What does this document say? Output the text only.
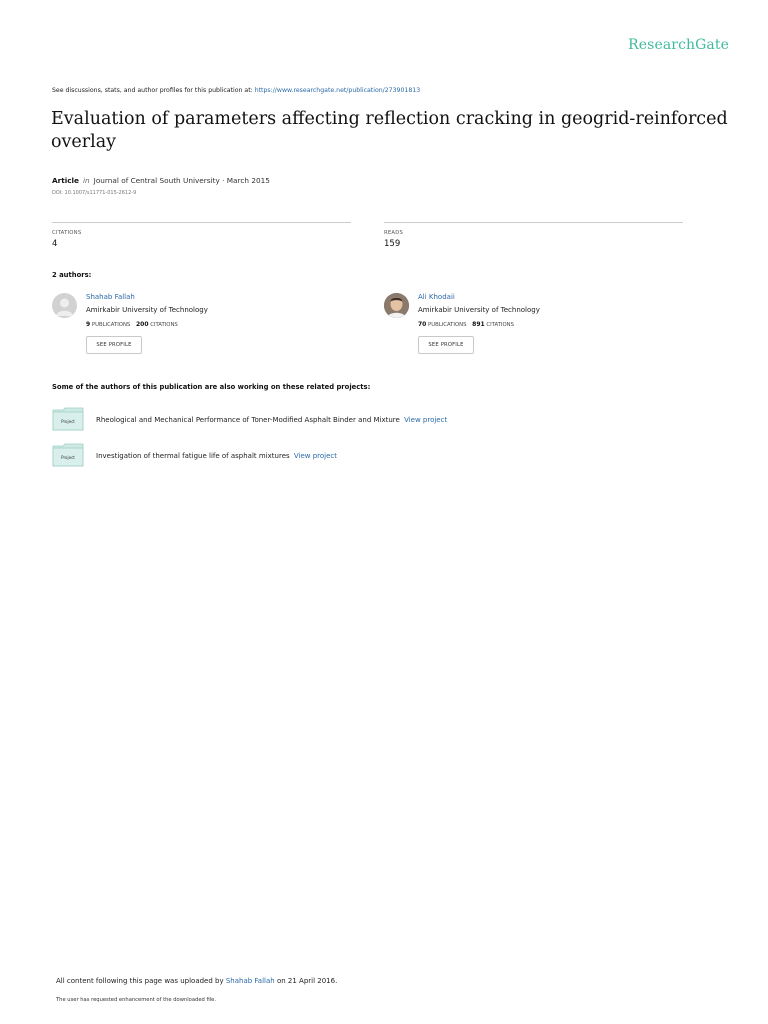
ResearchGate
See discussions, stats, and author profiles for this publication at: https://www.researchgate.net/publication/273901813
Evaluation of parameters affecting reflection cracking in geogrid-reinforced overlay
Article in Journal of Central South University · March 2015
DOI: 10.1007/s11771-015-2612-9
CITATIONS
4
READS
159
2 authors:
Shahab Fallah
Amirkabir University of Technology
9 PUBLICATIONS 200 CITATIONS
SEE PROFILE
Ali Khodaii
Amirkabir University of Technology
70 PUBLICATIONS 891 CITATIONS
SEE PROFILE
Some of the authors of this publication are also working on these related projects:
Project	Rheological and Mechanical Performance of Toner-Modified Asphalt Binder and Mixture View project
Project	Investigation of thermal fatigue life of asphalt mixtures View project
All content following this page was uploaded by Shahab Fallah on 21 April 2016.
The user has requested enhancement of the downloaded file.
